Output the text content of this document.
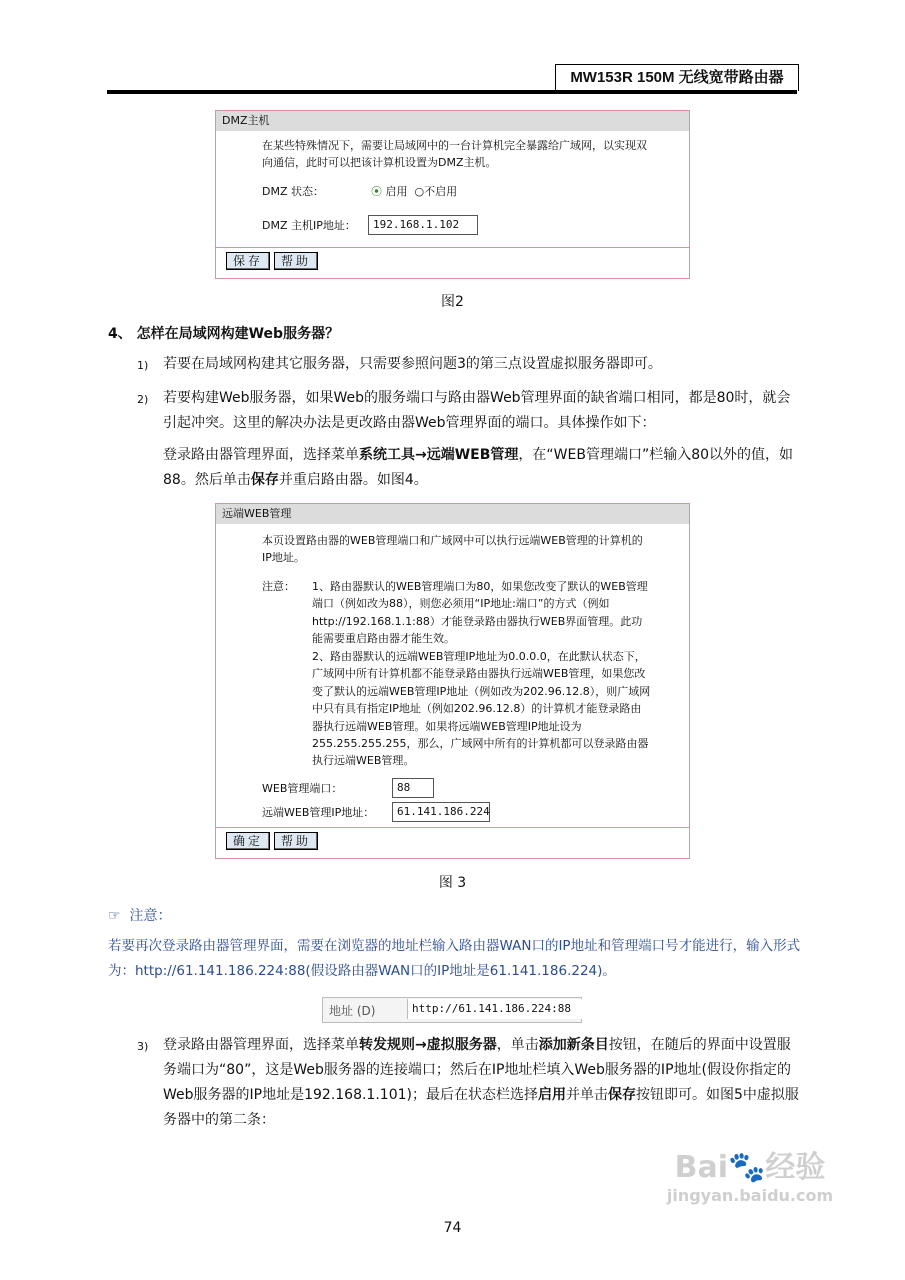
MW153R 150M 无线宽带路由器
DMZ主机
在某些特殊情况下，需要让局域网中的一台计算机完全暴露给广域网，以实现双向通信，此时可以把该计算机设置为DMZ主机。
DMZ 状态：	⦿ 启用 ○不启用
DMZ 主机IP地址：	192.168.1.102
保存 帮助
图2
4、 怎样在局域网构建Web服务器？
1) 若要在局域网构建其它服务器，只需要参照问题3的第三点设置虚拟服务器即可。
2) 若要构建Web服务器，如果Web的服务端口与路由器Web管理界面的缺省端口相同，都是80时，就会引起冲突。这里的解决办法是更改路由器Web管理界面的端口。具体操作如下：
登录路由器管理界面，选择菜单系统工具→远端WEB管理，在“WEB管理端口”栏输入80以外的值，如88。然后单击保存并重启路由器。如图4。
远端WEB管理
本页设置路由器的WEB管理端口和广域网中可以执行远端WEB管理的计算机的IP地址。
注意： 1、路由器默认的WEB管理端口为80，如果您改变了默认的WEB管理端口（例如改为88），则您必须用“IP地址:端口”的方式（例如http://192.168.1.1:88）才能登录路由器执行WEB界面管理。此功能需要重启路由器才能生效。
2、路由器默认的远端WEB管理IP地址为0.0.0.0，在此默认状态下，广域网中所有计算机都不能登录路由器执行远端WEB管理，如果您改变了默认的远端WEB管理IP地址（例如改为202.96.12.8），则广域网中只有具有指定IP地址（例如202.96.12.8）的计算机才能登录路由器执行远端WEB管理。如果将远端WEB管理IP地址设为255.255.255.255，那么，广域网中所有的计算机都可以登录路由器执行远端WEB管理。
WEB管理端口：	88
远端WEB管理IP地址：	61.141.186.224
确定 帮助
图 3
☞ 注意：
若要再次登录路由器管理界面，需要在浏览器的地址栏输入路由器WAN口的IP地址和管理端口号才能进行，输入形式为：http://61.141.186.224:88(假设路由器WAN口的IP地址是61.141.186.224)。
地址 (D)	http://61.141.186.224:88
3) 登录路由器管理界面，选择菜单转发规则→虚拟服务器，单击添加新条目按钮，在随后的界面中设置服务端口为“80”，这是Web服务器的连接端口；然后在IP地址栏填入Web服务器的IP地址(假设你指定的Web服务器的IP地址是192.168.1.101)；最后在状态栏选择启用并单击保存按钮即可。如图5中虚拟服务器中的第二条：
74
Bai🐾经验
jingyan.baidu.com
